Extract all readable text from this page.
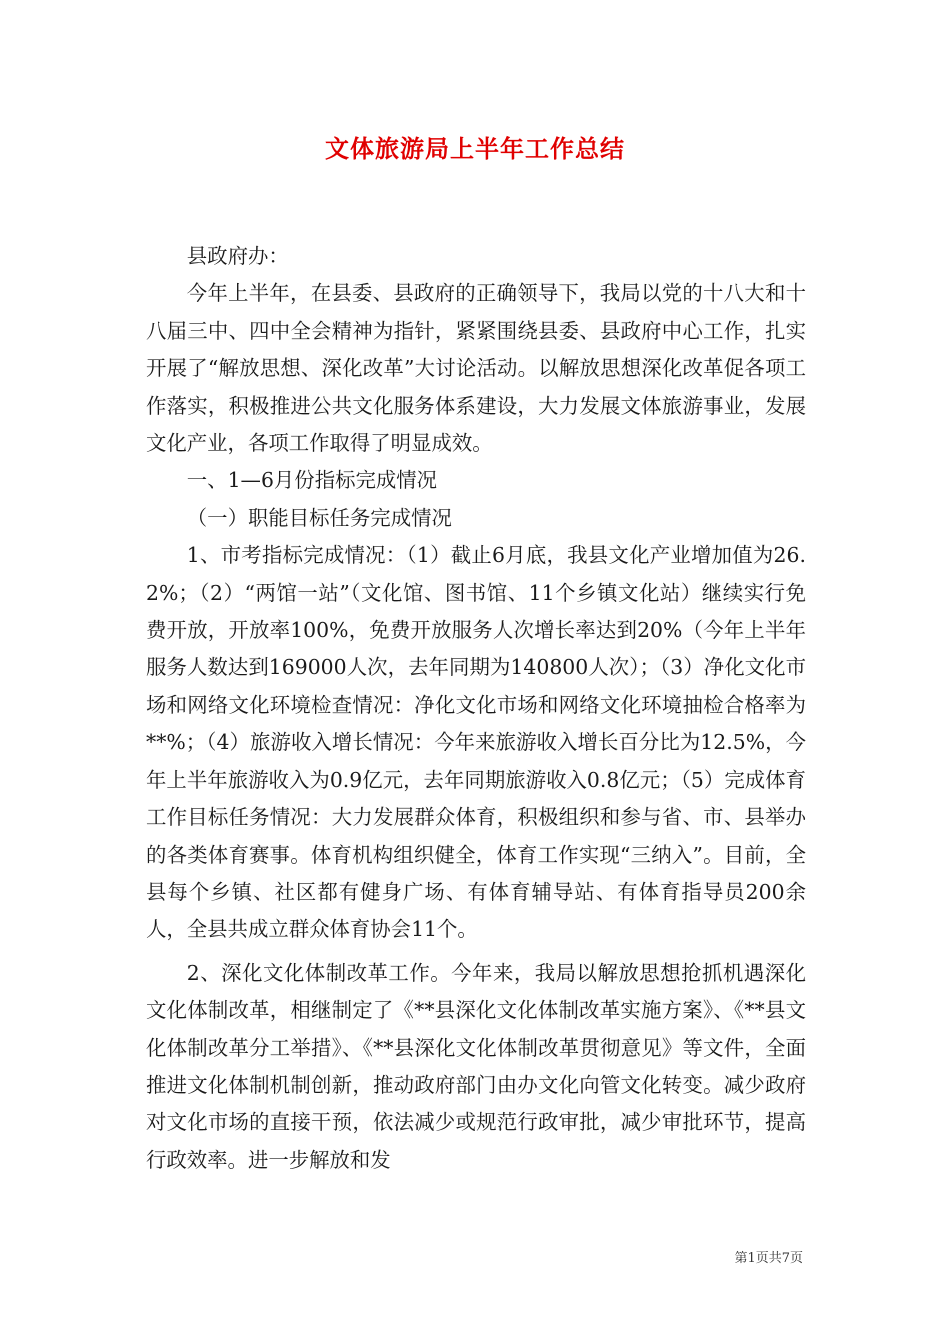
文体旅游局上半年工作总结

县政府办：

今年上半年，在县委、县政府的正确领导下，我局以党的十八大和十八届三中、四中全会精神为指针，紧紧围绕县委、县政府中心工作，扎实开展了“解放思想、深化改革”大讨论活动。以解放思想深化改革促各项工作落实，积极推进公共文化服务体系建设，大力发展文体旅游事业，发展文化产业，各项工作取得了明显成效。

一、1—6月份指标完成情况

（一）职能目标任务完成情况

1、市考指标完成情况：（1）截止6月底，我县文化产业增加值为26.2%；（2）“两馆一站”（文化馆、图书馆、11个乡镇文化站）继续实行免费开放，开放率100%，免费开放服务人次增长率达到20%（今年上半年服务人数达到169000人次，去年同期为140800人次）；（3）净化文化市场和网络文化环境检查情况：净化文化市场和网络文化环境抽检合格率为**%；（4）旅游收入增长情况：今年来旅游收入增长百分比为12.5%，今年上半年旅游收入为0.9亿元，去年同期旅游收入0.8亿元；（5）完成体育工作目标任务情况：大力发展群众体育，积极组织和参与省、市、县举办的各类体育赛事。体育机构组织健全，体育工作实现“三纳入”。目前，全县每个乡镇、社区都有健身广场、有体育辅导站、有体育指导员200余人，全县共成立群众体育协会11个。

2、深化文化体制改革工作。今年来，我局以解放思想抢抓机遇深化文化体制改革，相继制定了《**县深化文化体制改革实施方案》、《**县文化体制改革分工举措》、《**县深化文化体制改革贯彻意见》等文件，全面推进文化体制机制创新，推动政府部门由办文化向管文化转变。减少政府对文化市场的直接干预，依法减少或规范行政审批，减少审批环节，提高行政效率。进一步解放和发

第1页共7页
